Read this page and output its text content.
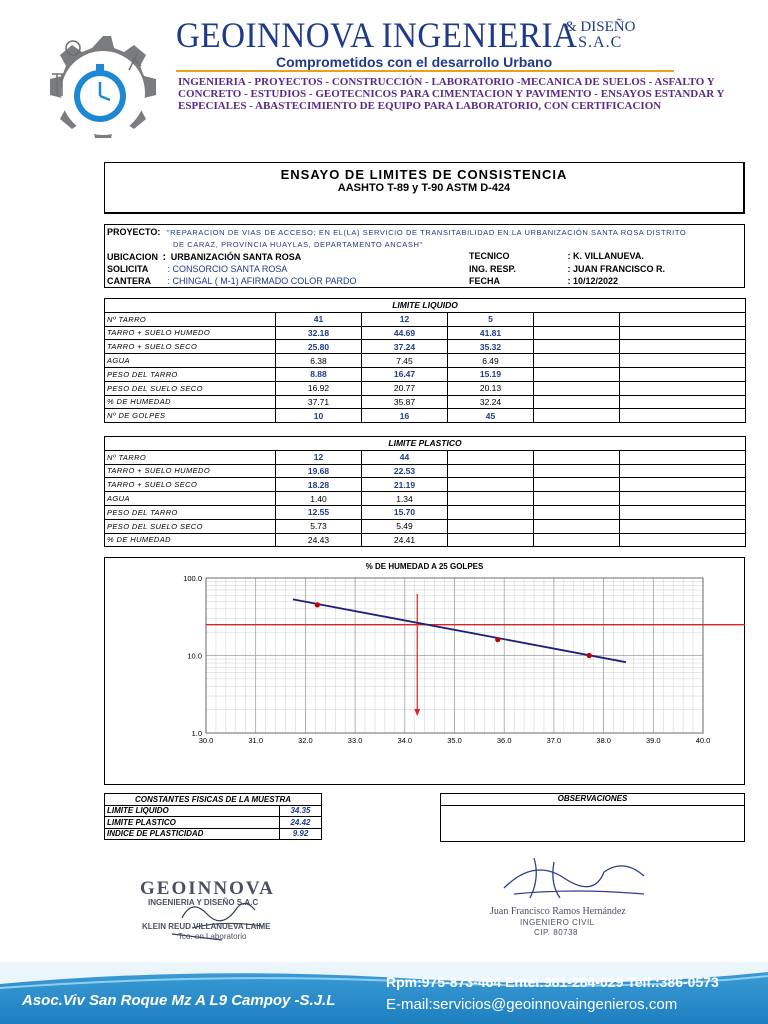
GEOINNOVA INGENIERIA
& DISEÑO
S.A.C
Comprometidos con el desarrollo Urbano
INGENIERIA - PROYECTOS - CONSTRUCCIÓN - LABORATORIO -MECANICA DE SUELOS - ASFALTO Y CONCRETO - ESTUDIOS - GEOTECNICOS PARA CIMENTACION Y PAVIMENTO - ENSAYOS ESTANDAR Y ESPECIALES - ABASTECIMIENTO DE EQUIPO PARA LABORATORIO, CON CERTIFICACION
ENSAYO DE LIMITES DE CONSISTENCIA
AASHTO T-89 y T-90 ASTM D-424
PROYECTO: "REPARACION DE VIAS DE ACCESO; EN EL(LA) SERVICIO DE TRANSITABILIDAD EN LA URBANIZACIÓN SANTA ROSA DISTRITO
DE CARAZ, PROVINCIA HUAYLAS, DEPARTAMENTO ANCASH"
UBICACION : URBANIZACIÓN SANTA ROSA
SOLICITA : CONSORCIO SANTA ROSA
CANTERA : CHINGAL ( M-1) AFIRMADO COLOR PARDO
TECNICO	: K. VILLANUEVA.
ING. RESP.	: JUAN FRANCISCO R.
FECHA	: 10/12/2022
LIMITE LIQUIDO					
Nº TARRO	41	12	5		
TARRO + SUELO HUMEDO	32.18	44.69	41.81		
TARRO + SUELO SECO	25.80	37.24	35.32		
AGUA	6.38	7.45	6.49		
PESO DEL TARRO	8.88	16.47	15.19		
PESO DEL SUELO SECO	16.92	20.77	20.13		
% DE HUMEDAD	37.71	35.87	32.24		
Nº DE GOLPES	10	16	45		
LIMITE PLASTICO					
Nº TARRO	12	44			
TARRO + SUELO HUMEDO	19.68	22.53			
TARRO + SUELO SECO	18.28	21.19			
AGUA	1.40	1.34			
PESO DEL TARRO	12.55	15.70			
PESO DEL SUELO SECO	5.73	5.49			
% DE HUMEDAD	24.43	24.41			
% DE HUMEDAD A 25 GOLPES
30.0	31.0	32.0	33.0	34.0	35.0	36.0	37.0	38.0	39.0	40.0
1.0
10.0
100.0
CONSTANTES FISICAS DE LA MUESTRA	
LIMITE LIQUIDO	34.35
LIMITE PLASTICO	24.42
INDICE DE PLASTICIDAD	9.92
OBSERVACIONES
GEOINNOVA
INGENIERIA Y DISEÑO S.A.C
KLEIN REUD VILLANUEVA LAIME
Tco. en Laboratorio
Juan Francisco Ramos Hernández
INGENIERO CIVIL
CIP. 80738
Asoc.Viv San Roque Mz A L9 Campoy -S.J.L
Rpm:975-873-464 Entel:981-284-029 Telf.:386-0573
E-mail:servicios@geoinnovaingenieros.com
